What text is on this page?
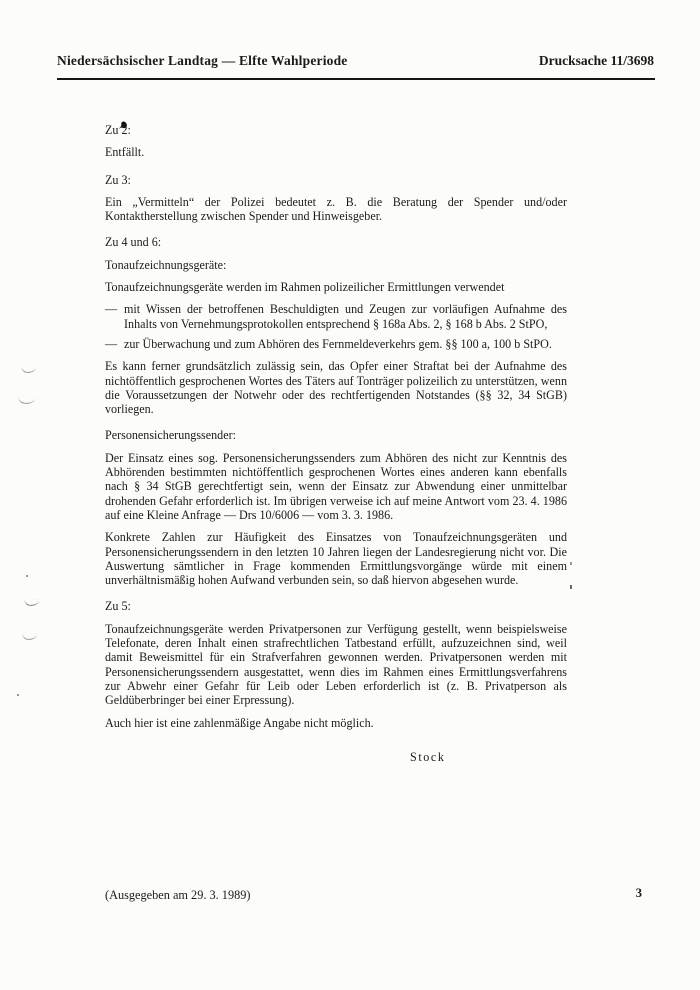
Niedersächsischer Landtag — Elfte Wahlperiode	Drucksache 11/3698
Zu 2:
Entfällt.
Zu 3:
Ein „Vermitteln“ der Polizei bedeutet z. B. die Beratung der Spender und/oder Kontaktherstellung zwischen Spender und Hinweisgeber.
Zu 4 und 6:
Tonaufzeichnungsgeräte:
Tonaufzeichnungsgeräte werden im Rahmen polizeilicher Ermittlungen verwendet
— mit Wissen der betroffenen Beschuldigten und Zeugen zur vorläufigen Aufnahme des Inhalts von Vernehmungsprotokollen entsprechend § 168a Abs. 2, § 168 b Abs. 2 StPO,
— zur Überwachung und zum Abhören des Fernmeldeverkehrs gem. §§ 100 a, 100 b StPO.
Es kann ferner grundsätzlich zulässig sein, das Opfer einer Straftat bei der Aufnahme des nichtöffentlich gesprochenen Wortes des Täters auf Tonträger polizeilich zu unterstützen, wenn die Voraussetzungen der Notwehr oder des rechtfertigenden Notstandes (§§ 32, 34 StGB) vorliegen.
Personensicherungssender:
Der Einsatz eines sog. Personensicherungssenders zum Abhören des nicht zur Kenntnis des Abhörenden bestimmten nichtöffentlich gesprochenen Wortes eines anderen kann ebenfalls nach § 34 StGB gerechtfertigt sein, wenn der Einsatz zur Abwendung einer unmittelbar drohenden Gefahr erforderlich ist. Im übrigen verweise ich auf meine Antwort vom 23. 4. 1986 auf eine Kleine Anfrage — Drs 10/6006 — vom 3. 3. 1986.
Konkrete Zahlen zur Häufigkeit des Einsatzes von Tonaufzeichnungsgeräten und Personensicherungssendern in den letzten 10 Jahren liegen der Landesregierung nicht vor. Die Auswertung sämtlicher in Frage kommenden Ermittlungsvorgänge würde mit einem unverhältnismäßig hohen Aufwand verbunden sein, so daß hiervon abgesehen wurde.
Zu 5:
Tonaufzeichnungsgeräte werden Privatpersonen zur Verfügung gestellt, wenn beispielsweise Telefonate, deren Inhalt einen strafrechtlichen Tatbestand erfüllt, aufzuzeichnen sind, weil damit Beweismittel für ein Strafverfahren gewonnen werden. Privatpersonen werden mit Personensicherungssendern ausgestattet, wenn dies im Rahmen eines Ermittlungsverfahrens zur Abwehr einer Gefahr für Leib oder Leben erforderlich ist (z. B. Privatperson als Geldüberbringer bei einer Erpressung).
Auch hier ist eine zahlenmäßige Angabe nicht möglich.
Stock
(Ausgegeben am 29. 3. 1989)	3
